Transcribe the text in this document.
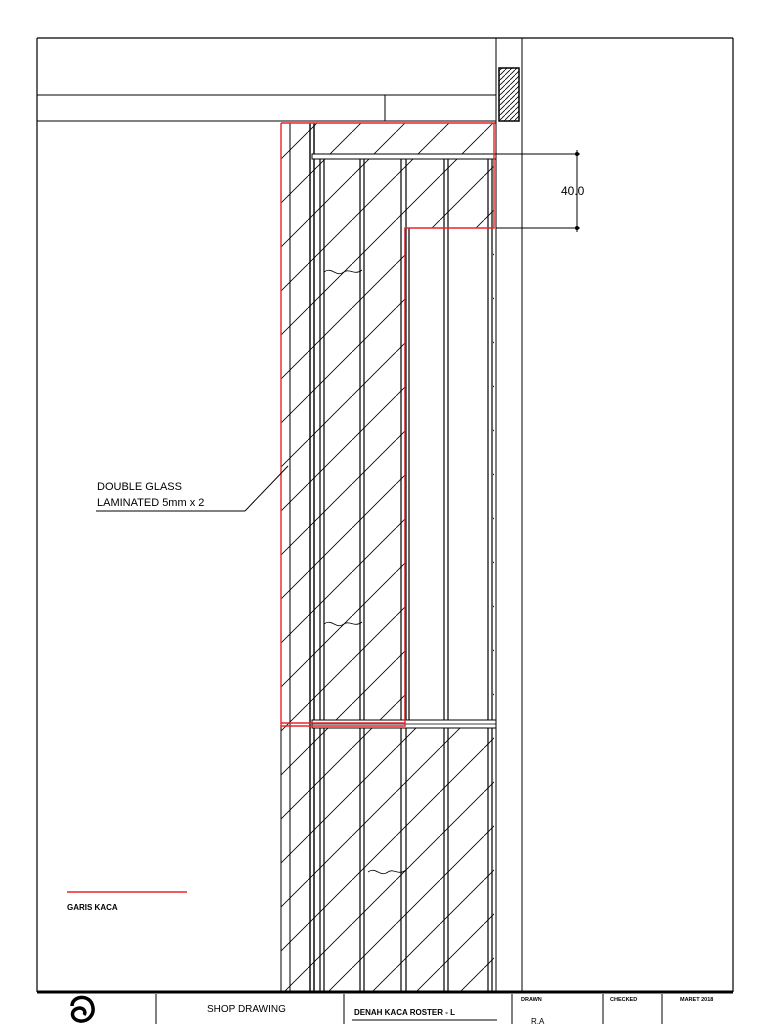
40.0
DOUBLE GLASS
LAMINATED 5mm x 2
GARIS KACA
SHOP DRAWING	DENAH KACA ROSTER - L
DRAWN
R.A
CHECKED	MARET 2018
